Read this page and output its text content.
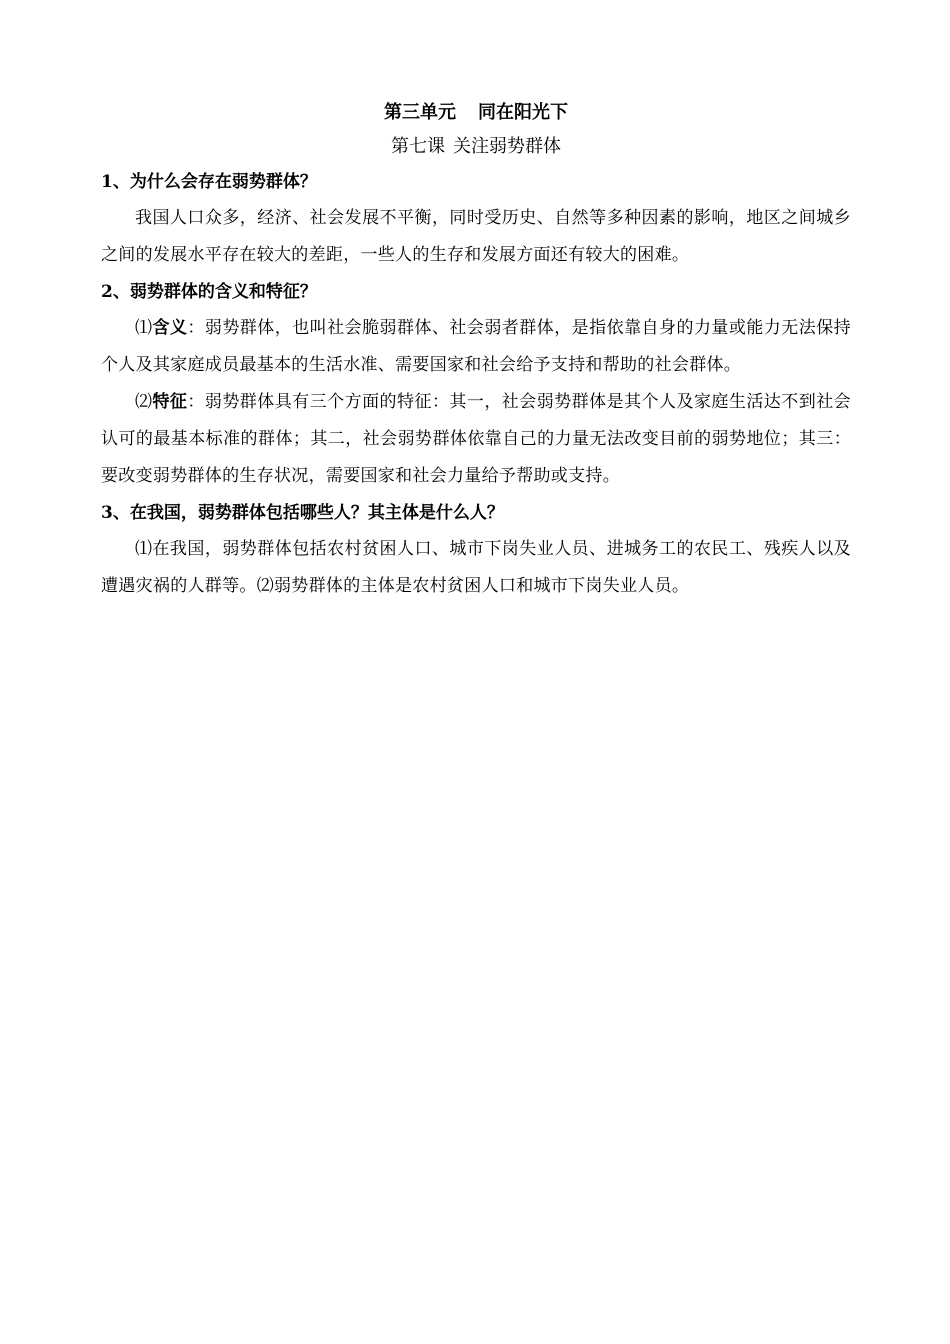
第三单元 同在阳光下

第七课 关注弱势群体

1、为什么会存在弱势群体？

我国人口众多，经济、社会发展不平衡，同时受历史、自然等多种因素的影响，地区之间城乡之间的发展水平存在较大的差距，一些人的生存和发展方面还有较大的困难。

2、弱势群体的含义和特征？

⑴含义：弱势群体，也叫社会脆弱群体、社会弱者群体，是指依靠自身的力量或能力无法保持个人及其家庭成员最基本的生活水准、需要国家和社会给予支持和帮助的社会群体。

⑵特征：弱势群体具有三个方面的特征：其一，社会弱势群体是其个人及家庭生活达不到社会认可的最基本标准的群体；其二，社会弱势群体依靠自己的力量无法改变目前的弱势地位；其三：要改变弱势群体的生存状况，需要国家和社会力量给予帮助或支持。

3、在我国，弱势群体包括哪些人？其主体是什么人？

⑴在我国，弱势群体包括农村贫困人口、城市下岗失业人员、进城务工的农民工、残疾人以及遭遇灾祸的人群等。⑵弱势群体的主体是农村贫困人口和城市下岗失业人员。
